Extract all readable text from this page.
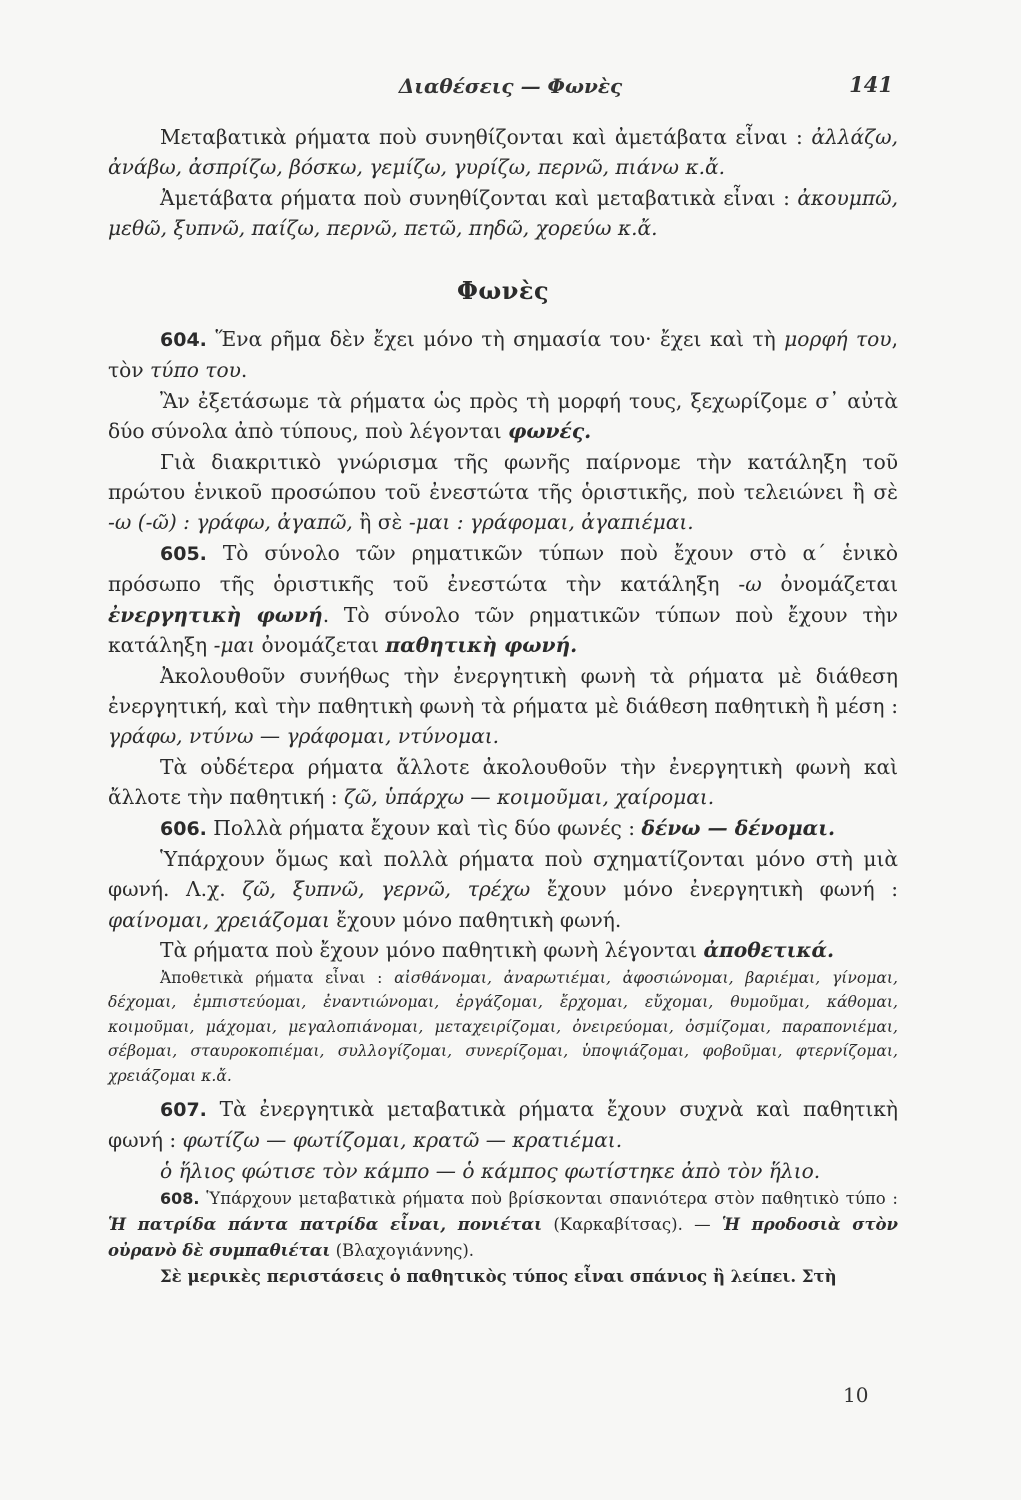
Διαθέσεις — Φωνὲς	141

Μεταβατικὰ ρήματα ποὺ συνηθίζονται καὶ ἀμετάβατα εἶναι : ἀλλάζω, ἀνάβω, ἀσπρίζω, βόσκω, γεμίζω, γυρίζω, περνῶ, πιάνω κ.ἄ.

Ἀμετάβατα ρήματα ποὺ συνηθίζονται καὶ μεταβατικὰ εἶναι : ἀκουμπῶ, μεθῶ, ξυπνῶ, παίζω, περνῶ, πετῶ, πηδῶ, χορεύω κ.ἄ.

Φωνὲς

604. Ἕνα ρῆμα δὲν ἔχει μόνο τὴ σημασία του· ἔχει καὶ τὴ μορφή του, τὸν τύπο του.

Ἂν ἐξετάσωμε τὰ ρήματα ὡς πρὸς τὴ μορφή τους, ξεχωρίζομε σ᾽ αὐτὰ δύο σύνολα ἀπὸ τύπους, ποὺ λέγονται φωνές.

Γιὰ διακριτικὸ γνώρισμα τῆς φωνῆς παίρνομε τὴν κατάληξη τοῦ πρώτου ἑνικοῦ προσώπου τοῦ ἐνεστώτα τῆς ὁριστικῆς, ποὺ τελειώνει ἢ σὲ -ω (-ῶ) : γράφω, ἀγαπῶ, ἢ σὲ -μαι : γράφομαι, ἀγαπιέμαι.

605. Τὸ σύνολο τῶν ρηματικῶν τύπων ποὺ ἔχουν στὸ α΄ ἑνικὸ πρόσωπο τῆς ὁριστικῆς τοῦ ἐνεστώτα τὴν κατάληξη -ω ὀνομάζεται ἐνεργητικὴ φωνή. Τὸ σύνολο τῶν ρηματικῶν τύπων ποὺ ἔχουν τὴν κατάληξη -μαι ὀνομάζεται παθητικὴ φωνή.

Ἀκολουθοῦν συνήθως τὴν ἐνεργητικὴ φωνὴ τὰ ρήματα μὲ διάθεση ἐνεργητική, καὶ τὴν παθητικὴ φωνὴ τὰ ρήματα μὲ διάθεση παθητικὴ ἢ μέση : γράφω, ντύνω — γράφομαι, ντύνομαι.

Τὰ οὐδέτερα ρήματα ἄλλοτε ἀκολουθοῦν τὴν ἐνεργητικὴ φωνὴ καὶ ἄλλοτε τὴν παθητική : ζῶ, ὑπάρχω — κοιμοῦμαι, χαίρομαι.

606. Πολλὰ ρήματα ἔχουν καὶ τὶς δύο φωνές : δένω — δένομαι.

Ὑπάρχουν ὅμως καὶ πολλὰ ρήματα ποὺ σχηματίζονται μόνο στὴ μιὰ φωνή. Λ.χ. ζῶ, ξυπνῶ, γερνῶ, τρέχω ἔχουν μόνο ἐνεργητικὴ φωνή : φαίνομαι, χρειάζομαι ἔχουν μόνο παθητικὴ φωνή.

Τὰ ρήματα ποὺ ἔχουν μόνο παθητικὴ φωνὴ λέγονται ἀποθετικά.

Ἀποθετικὰ ρήματα εἶναι : αἰσθάνομαι, ἀναρωτιέμαι, ἀφοσιώνομαι, βαριέμαι, γίνομαι, δέχομαι, ἐμπιστεύομαι, ἐναντιώνομαι, ἐργάζομαι, ἔρχομαι, εὔχομαι, θυμοῦμαι, κάθομαι, κοιμοῦμαι, μάχομαι, μεγαλοπιάνομαι, μεταχειρίζομαι, ὀνειρεύομαι, ὀσμίζομαι, παραπονιέμαι, σέβομαι, σταυροκοπιέμαι, συλλογίζομαι, συνερίζομαι, ὑποψιάζομαι, φοβοῦμαι, φτερνίζομαι, χρειάζομαι κ.ἄ.

607. Τὰ ἐνεργητικὰ μεταβατικὰ ρήματα ἔχουν συχνὰ καὶ παθητικὴ φωνή : φωτίζω — φωτίζομαι, κρατῶ — κρατιέμαι.

ὁ ἥλιος φώτισε τὸν κάμπο — ὁ κάμπος φωτίστηκε ἀπὸ τὸν ἥλιο.

608. Ὑπάρχουν μεταβατικὰ ρήματα ποὺ βρίσκονται σπανιότερα στὸν παθητικὸ τύπο : Ἡ πατρίδα πάντα πατρίδα εἶναι, πονιέται (Καρκαβίτσας). — Ἡ προδοσιὰ στὸν οὐρανὸ δὲ συμπαθιέται (Βλαχογιάννης).

Σὲ μερικὲς περιστάσεις ὁ παθητικὸς τύπος εἶναι σπάνιος ἢ λείπει. Στὴ

10
